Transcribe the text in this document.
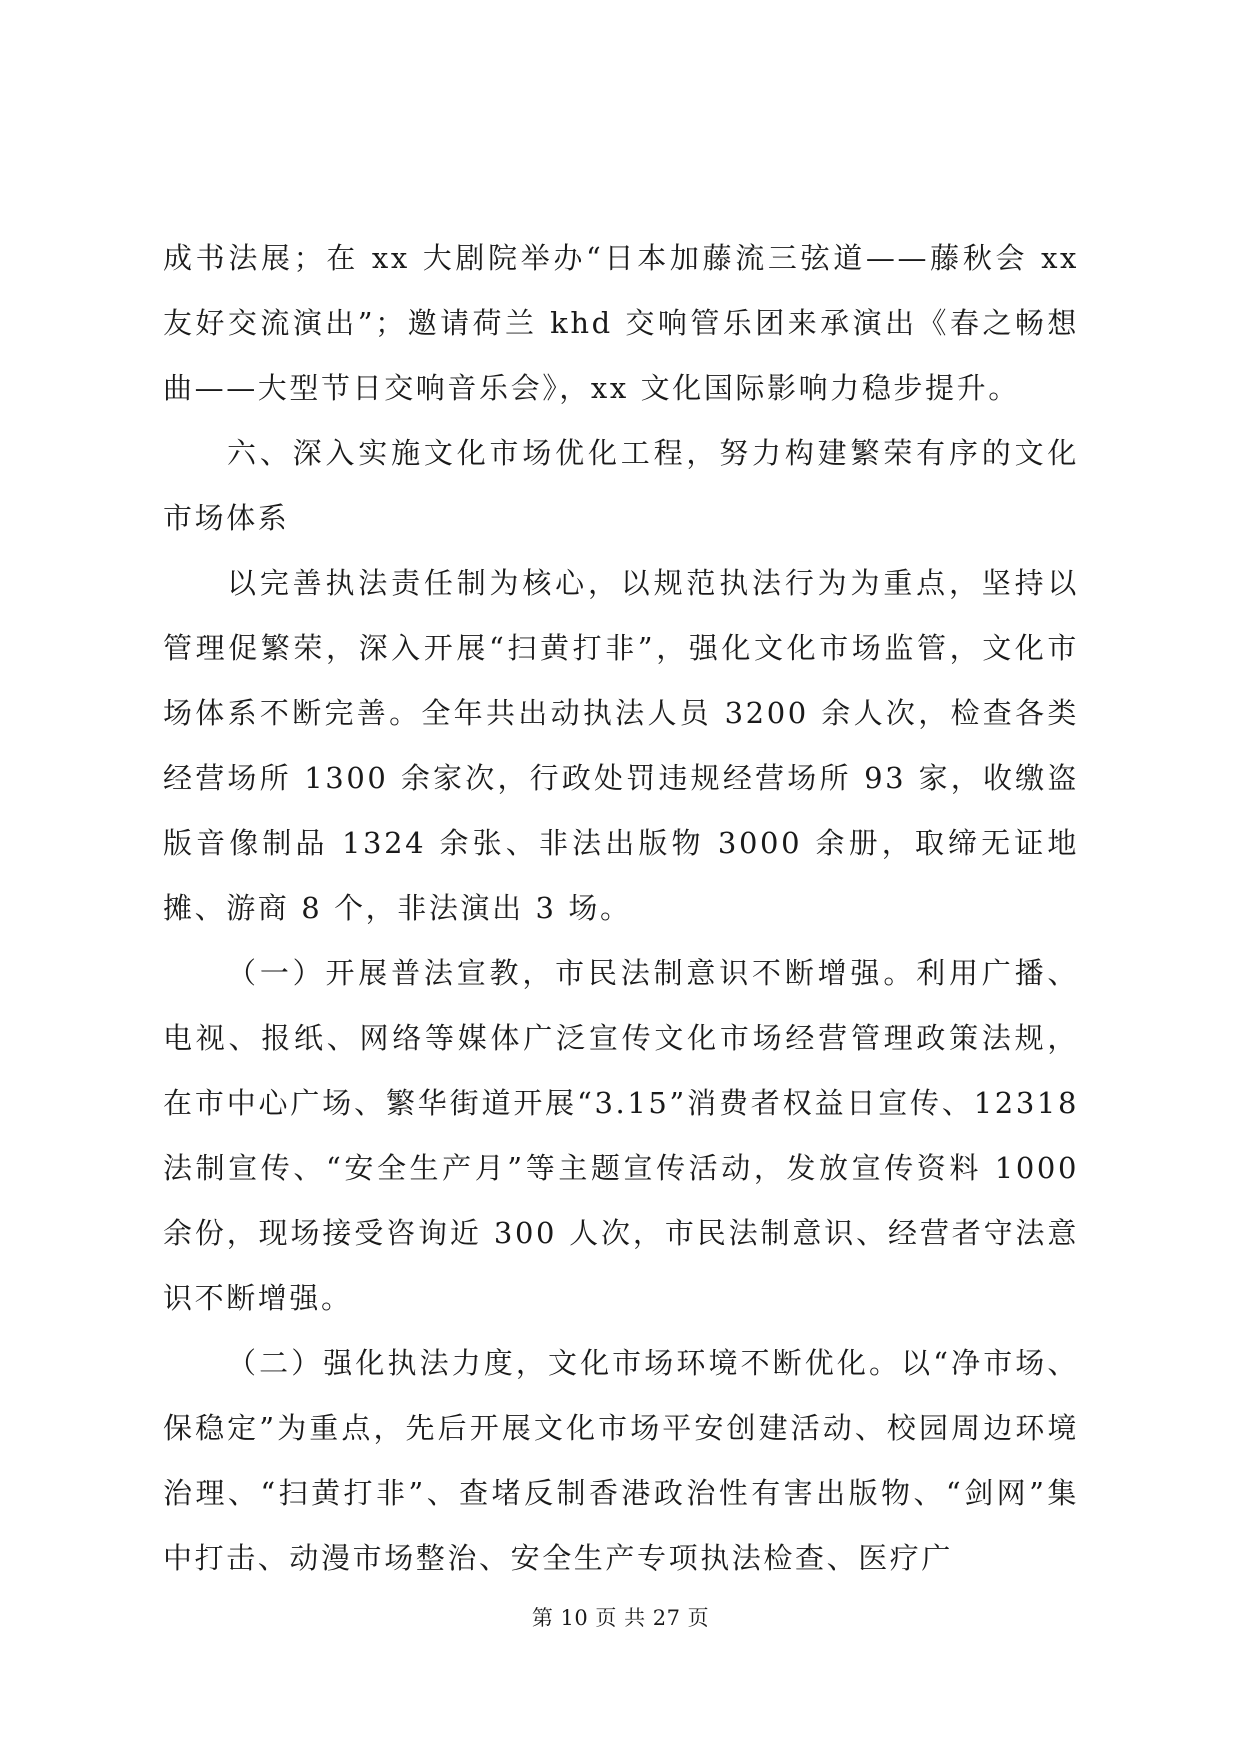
成书法展；在 xx 大剧院举办“日本加藤流三弦道——藤秋会 xx 友好交流演出”；邀请荷兰 khd 交响管乐团来承演出《春之畅想曲——大型节日交响音乐会》，xx 文化国际影响力稳步提升。

六、深入实施文化市场优化工程，努力构建繁荣有序的文化市场体系

以完善执法责任制为核心，以规范执法行为为重点，坚持以管理促繁荣，深入开展“扫黄打非”，强化文化市场监管，文化市场体系不断完善。全年共出动执法人员 3200 余人次，检查各类经营场所 1300 余家次，行政处罚违规经营场所 93 家，收缴盗版音像制品 1324 余张、非法出版物 3000 余册，取缔无证地摊、游商 8 个，非法演出 3 场。

（一）开展普法宣教，市民法制意识不断增强。利用广播、电视、报纸、网络等媒体广泛宣传文化市场经营管理政策法规，在市中心广场、繁华街道开展“3.15”消费者权益日宣传、12318 法制宣传、“安全生产月”等主题宣传活动，发放宣传资料 1000 余份，现场接受咨询近 300 人次，市民法制意识、经营者守法意识不断增强。

（二）强化执法力度，文化市场环境不断优化。以“净市场、保稳定”为重点，先后开展文化市场平安创建活动、校园周边环境治理、“扫黄打非”、查堵反制香港政治性有害出版物、“剑网”集中打击、动漫市场整治、安全生产专项执法检查、医疗广

第 10 页 共 27 页
